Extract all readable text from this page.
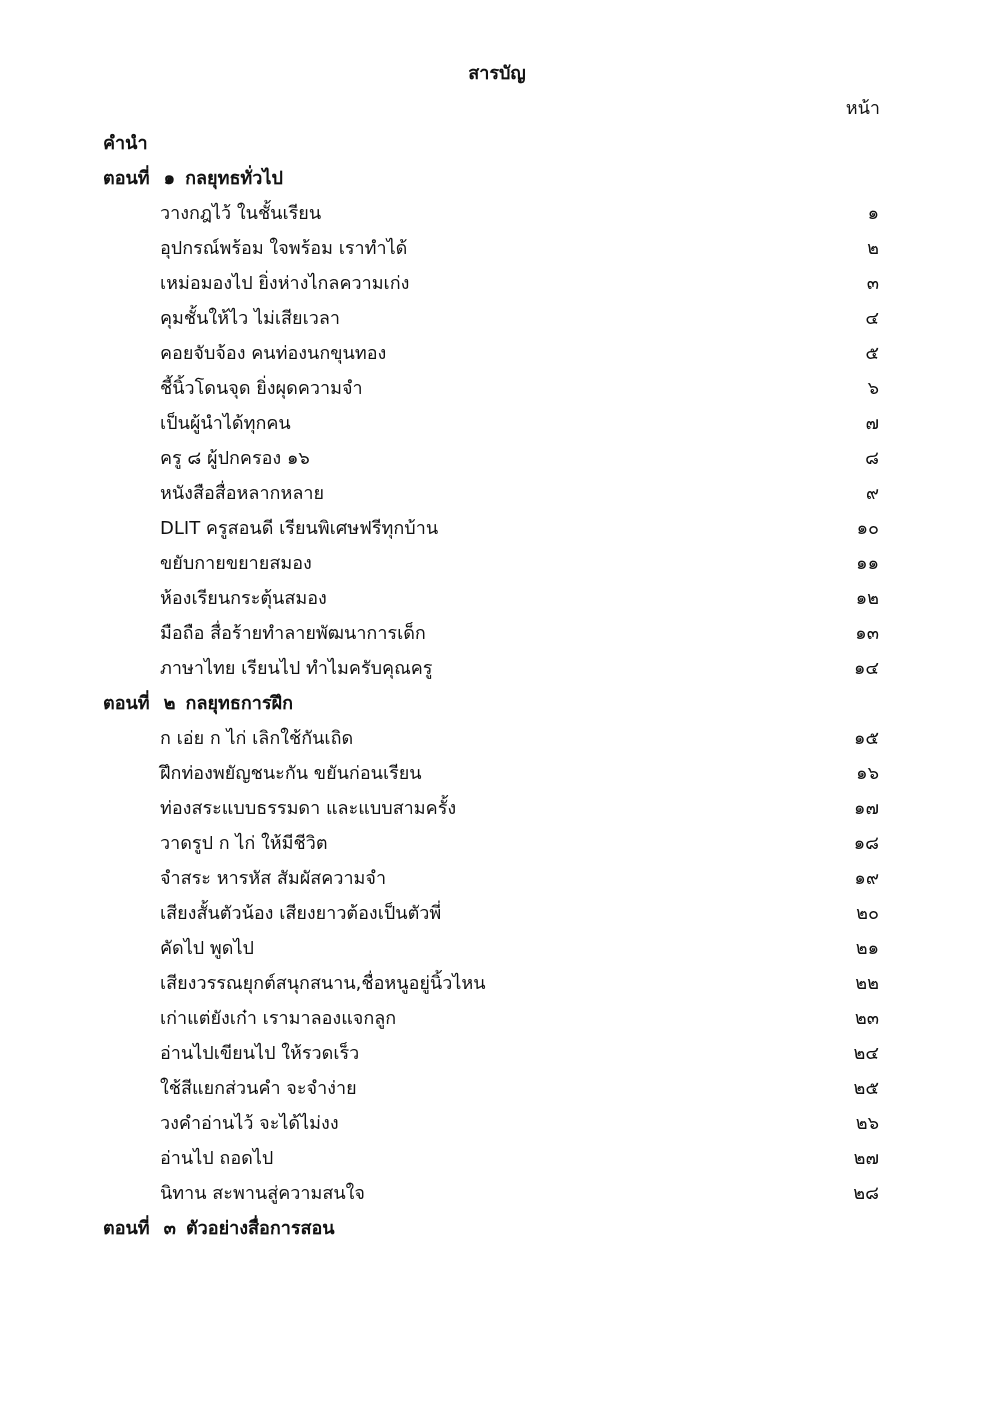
สารบัญ
หน้า
คำนำ
ตอนที่ ๑ กลยุทธทั่วไป
วางกฎไว้ ในชั้นเรียน	๑
อุปกรณ์พร้อม ใจพร้อม เราทำได้	๒
เหม่อมองไป ยิ่งห่างไกลความเก่ง	๓
คุมชั้นให้ไว ไม่เสียเวลา	๔
คอยจับจ้อง คนท่องนกขุนทอง	๕
ชี้นิ้วโดนจุด ยิ่งผุดความจำ	๖
เป็นผู้นำได้ทุกคน	๗
ครู ๘ ผู้ปกครอง ๑๖	๘
หนังสือสื่อหลากหลาย	๙
DLIT ครูสอนดี เรียนพิเศษฟรีทุกบ้าน	๑๐
ขยับกายขยายสมอง	๑๑
ห้องเรียนกระตุ้นสมอง	๑๒
มือถือ สื่อร้ายทำลายพัฒนาการเด็ก	๑๓
ภาษาไทย เรียนไป ทำไมครับคุณครู	๑๔
ตอนที่ ๒ กลยุทธการฝึก
ก เอ่ย ก ไก่ เลิกใช้กันเถิด	๑๕
ฝึกท่องพยัญชนะกัน ขยันก่อนเรียน	๑๖
ท่องสระแบบธรรมดา และแบบสามครั้ง	๑๗
วาดรูป ก ไก่ ให้มีชีวิต	๑๘
จำสระ หารหัส สัมผัสความจำ	๑๙
เสียงสั้นตัวน้อง เสียงยาวต้องเป็นตัวพี่	๒๐
คัดไป พูดไป	๒๑
เสียงวรรณยุกต์สนุกสนาน,ชื่อหนูอยู่นิ้วไหน	๒๒
เก่าแต่ยังเก๋า เรามาลองแจกลูก	๒๓
อ่านไปเขียนไป ให้รวดเร็ว	๒๔
ใช้สีแยกส่วนคำ จะจำง่าย	๒๕
วงคำอ่านไว้ จะได้ไม่งง	๒๖
อ่านไป ถอดไป	๒๗
นิทาน สะพานสู่ความสนใจ	๒๘
ตอนที่ ๓ ตัวอย่างสื่อการสอน
